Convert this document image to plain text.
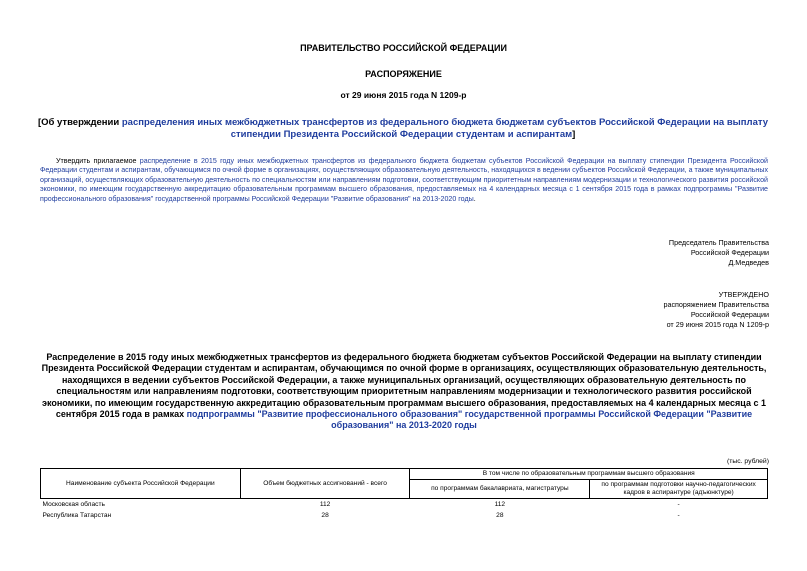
ПРАВИТЕЛЬСТВО РОССИЙСКОЙ ФЕДЕРАЦИИ
РАСПОРЯЖЕНИЕ
от 29 июня 2015 года N 1209-р
[Об утверждении распределения иных межбюджетных трансфертов из федерального бюджета бюджетам субъектов Российской Федерации на выплату стипендии Президента Российской Федерации студентам и аспирантам]
Утвердить прилагаемое распределение в 2015 году иных межбюджетных трансфертов из федерального бюджета бюджетам субъектов Российской Федерации на выплату стипендии Президента Российской Федерации студентам и аспирантам, обучающимся по очной форме в организациях, осуществляющих образовательную деятельность, находящихся в ведении субъектов Российской Федерации, а также муниципальных организаций, осуществляющих образовательную деятельность по специальностям или направлениям подготовки, соответствующим приоритетным направлениям модернизации и технологического развития российской экономики, по имеющим государственную аккредитацию образовательным программам высшего образования, предоставляемых на 4 календарных месяца с 1 сентября 2015 года в рамках подпрограммы "Развитие профессионального образования" государственной программы Российской Федерации "Развитие образования" на 2013-2020 годы.
Председатель Правительства
Российской Федерации
Д.Медведев
УТВЕРЖДЕНО
распоряжением Правительства
Российской Федерации
от 29 июня 2015 года N 1209-р
Распределение в 2015 году иных межбюджетных трансфертов из федерального бюджета бюджетам субъектов Российской Федерации на выплату стипендии Президента Российской Федерации студентам и аспирантам, обучающимся по очной форме в организациях, осуществляющих образовательную деятельность, находящихся в ведении субъектов Российской Федерации, а также муниципальных организаций, осуществляющих образовательную деятельность по специальностям или направлениям подготовки, соответствующим приоритетным направлениям модернизации и технологического развития российской экономики, по имеющим государственную аккредитацию образовательным программам высшего образования, предоставляемых на 4 календарных месяца с 1 сентября 2015 года в рамках подпрограммы "Развитие профессионального образования" государственной программы Российской Федерации "Развитие образования" на 2013-2020 годы
(тыс. рублей)
Наименование субъекта Российской Федерации	Объем бюджетных ассигнований - всего	В том числе по образовательным программам высшего образования	
		по программам бакалавриата, магистратуры	по программам подготовки научно-педагогических кадров в аспирантуре (адъюнктуре)
Московская область	112	112	-
Республика Татарстан	28	28	-
